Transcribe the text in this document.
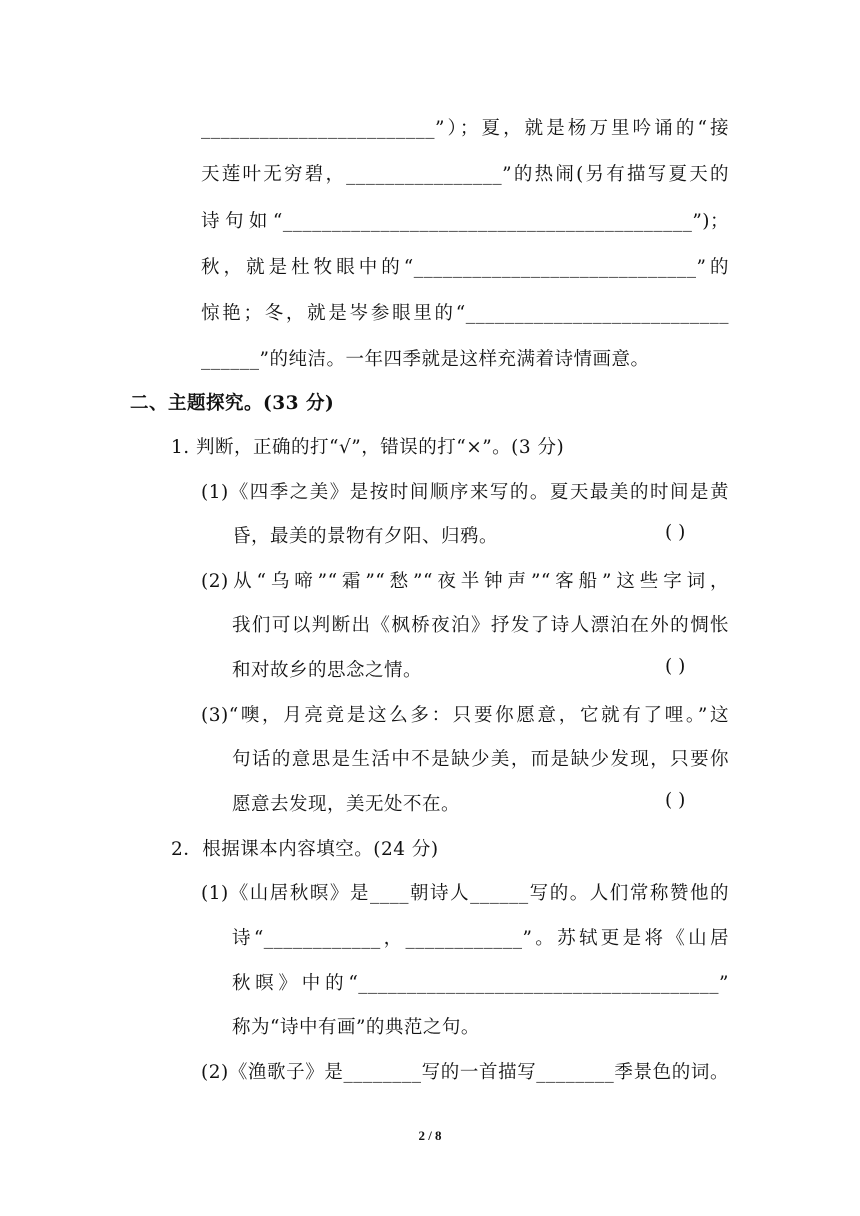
________________________”）；夏，就是杨万里吟诵的“接
天莲叶无穷碧，________________”的热闹(另有描写夏天的
诗句如“__________________________________________”)；
秋，就是杜牧眼中的“_____________________________”的
惊艳；冬，就是岑参眼里的“___________________________
______”的纯洁。一年四季就是这样充满着诗情画意。
二、主题探究。(33 分)
1. 判断，正确的打“√”，错误的打“×”。(3 分)
(1)《四季之美》是按时间顺序来写的。夏天最美的时间是黄
昏，最美的景物有夕阳、归鸦。	( )
(2)从“乌啼”“霜”“愁”“夜半钟声”“客船”这些字词，
我们可以判断出《枫桥夜泊》抒发了诗人漂泊在外的惆怅
和对故乡的思念之情。	( )
(3)“噢，月亮竟是这么多：只要你愿意，它就有了哩。”这
句话的意思是生活中不是缺少美，而是缺少发现，只要你
愿意去发现，美无处不在。	( )
2．根据课本内容填空。(24 分)
(1)《山居秋暝》是____朝诗人______写的。人们常称赞他的
诗“____________，____________”。苏轼更是将《山居
秋暝》中的“_____________________________________”
称为“诗中有画”的典范之句。
(2)《渔歌子》是________写的一首描写________季景色的词。
2 / 8
